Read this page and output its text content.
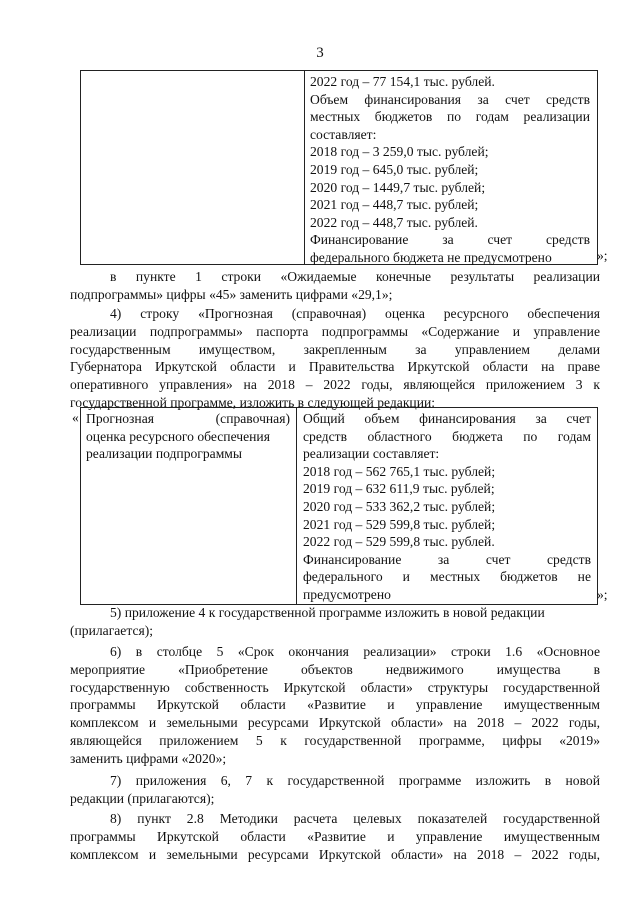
3
2022 год – 77 154,1 тыс. рублей.
Объем финансирования за счет средств
местных бюджетов по годам реализации
составляет:
2018 год – 3 259,0 тыс. рублей;
2019 год – 645,0 тыс. рублей;
2020 год – 1449,7 тыс. рублей;
2021 год – 448,7 тыс. рублей;
2022 год – 448,7 тыс. рублей.
Финансирование за счет средств
федерального бюджета не предусмотрено	»;
в пункте 1 строки «Ожидаемые конечные результаты реализации
подпрограммы» цифры «45» заменить цифрами «29,1»;
4) строку «Прогнозная (справочная) оценка ресурсного обеспечения
реализации подпрограммы» паспорта подпрограммы «Содержание и управление
государственным имуществом, закрепленным за управлением делами
Губернатора Иркутской области и Правительства Иркутской области на праве
оперативного управления» на 2018 – 2022 годы, являющейся приложением 3 к
государственной программе, изложить в следующей редакции:
« Прогнозная (справочная)
оценка ресурсного обеспечения
реализации подпрограммы
Общий объем финансирования за счет
средств областного бюджета по годам
реализации составляет:
2018 год – 562 765,1 тыс. рублей;
2019 год – 632 611,9 тыс. рублей;
2020 год – 533 362,2 тыс. рублей;
2021 год – 529 599,8 тыс. рублей;
2022 год – 529 599,8 тыс. рублей.
Финансирование за счет средств
федерального и местных бюджетов не
предусмотрено	»;
5) приложение 4 к государственной программе изложить в новой редакции
(прилагается);
6) в столбце 5 «Срок окончания реализации» строки 1.6 «Основное
мероприятие «Приобретение объектов недвижимого имущества в
государственную собственность Иркутской области» структуры государственной
программы Иркутской области «Развитие и управление имущественным
комплексом и земельными ресурсами Иркутской области» на 2018 – 2022 годы,
являющейся приложением 5 к государственной программе, цифры «2019»
заменить цифрами «2020»;
7) приложения 6, 7 к государственной программе изложить в новой
редакции (прилагаются);
8) пункт 2.8 Методики расчета целевых показателей государственной
программы Иркутской области «Развитие и управление имущественным
комплексом и земельными ресурсами Иркутской области» на 2018 – 2022 годы,
